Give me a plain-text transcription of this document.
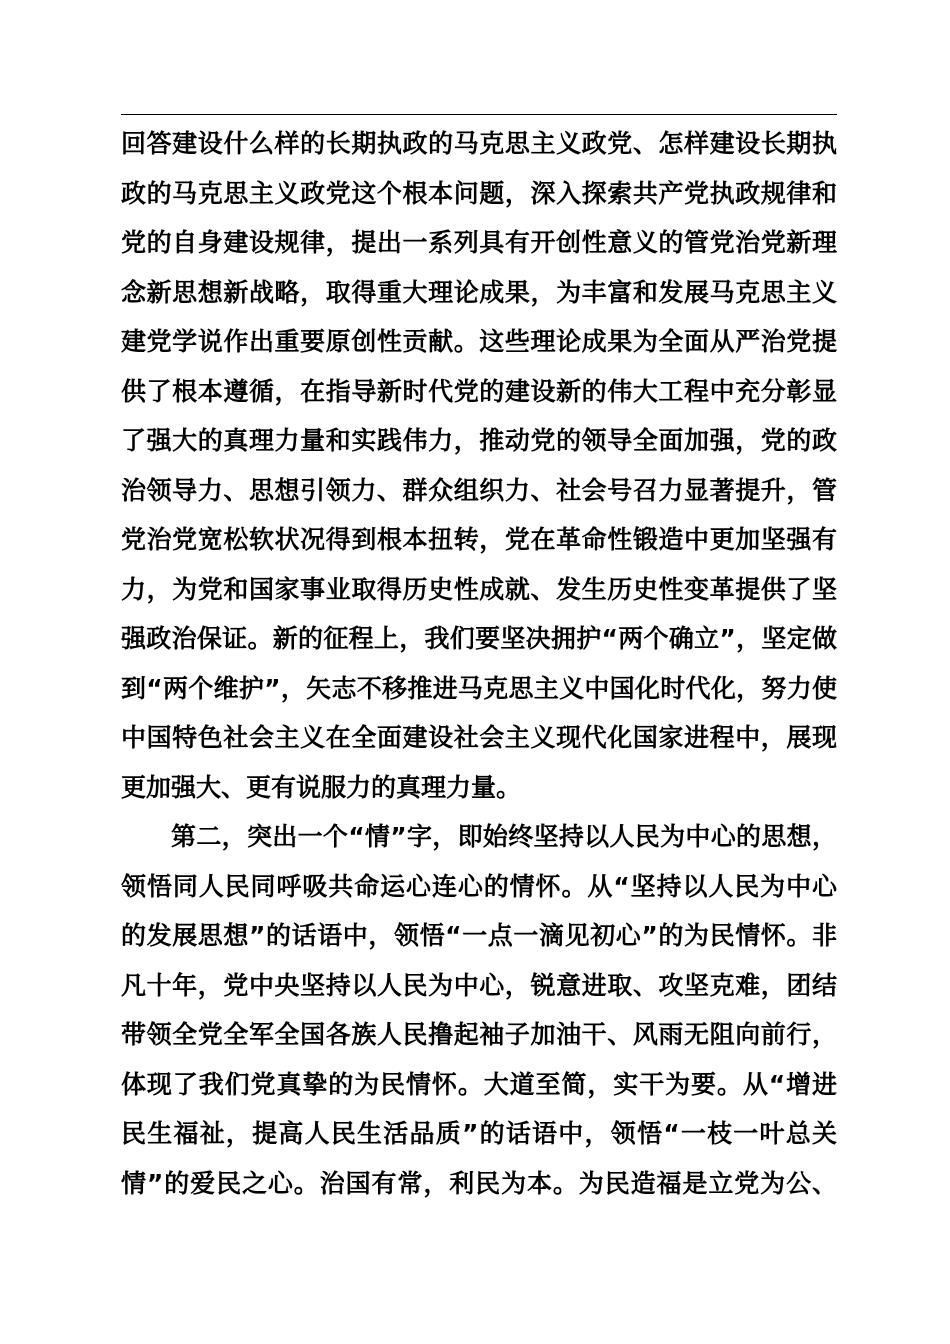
回答建设什么样的长期执政的马克思主义政党、怎样建设长期执
政的马克思主义政党这个根本问题，深入探索共产党执政规律和
党的自身建设规律，提出一系列具有开创性意义的管党治党新理
念新思想新战略，取得重大理论成果，为丰富和发展马克思主义
建党学说作出重要原创性贡献。这些理论成果为全面从严治党提
供了根本遵循，在指导新时代党的建设新的伟大工程中充分彰显
了强大的真理力量和实践伟力，推动党的领导全面加强，党的政
治领导力、思想引领力、群众组织力、社会号召力显著提升，管
党治党宽松软状况得到根本扭转，党在革命性锻造中更加坚强有
力，为党和国家事业取得历史性成就、发生历史性变革提供了坚
强政治保证。新的征程上，我们要坚决拥护“两个确立”，坚定做
到“两个维护”，矢志不移推进马克思主义中国化时代化，努力使
中国特色社会主义在全面建设社会主义现代化国家进程中，展现
更加强大、更有说服力的真理力量。
第二，突出一个“情”字，即始终坚持以人民为中心的思想，
领悟同人民同呼吸共命运心连心的情怀。从“坚持以人民为中心
的发展思想”的话语中，领悟“一点一滴见初心”的为民情怀。非
凡十年，党中央坚持以人民为中心，锐意进取、攻坚克难，团结
带领全党全军全国各族人民撸起袖子加油干、风雨无阻向前行，
体现了我们党真挚的为民情怀。大道至简，实干为要。从“增进
民生福祉，提高人民生活品质”的话语中，领悟“一枝一叶总关
情”的爱民之心。治国有常，利民为本。为民造福是立党为公、
